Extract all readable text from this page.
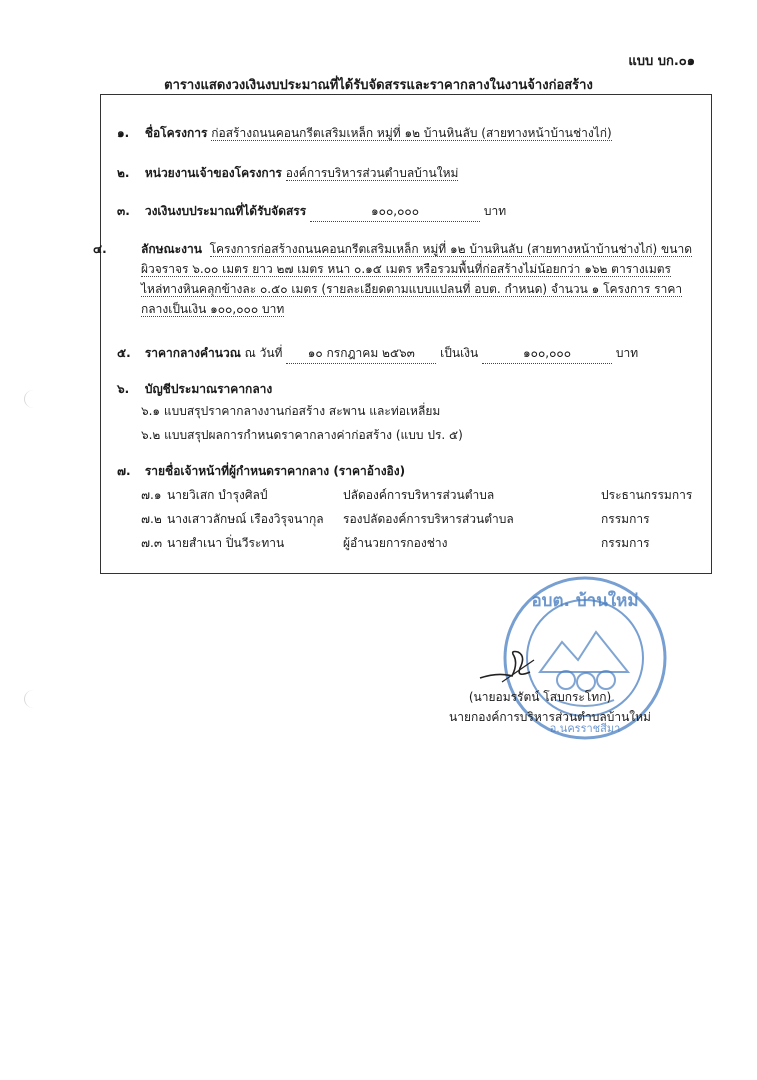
แบบ บก.๐๑
ตารางแสดงวงเงินงบประมาณที่ได้รับจัดสรรและราคากลางในงานจ้างก่อสร้าง
๑. ชื่อโครงการ ก่อสร้างถนนคอนกรีตเสริมเหล็ก หมู่ที่ ๑๒ บ้านหินลับ (สายทางหน้าบ้านช่างไก่)
๒. หน่วยงานเจ้าของโครงการ องค์การบริหารส่วนตำบลบ้านใหม่
๓. วงเงินงบประมาณที่ได้รับจัดสรร	๑๐๐,๐๐๐	บาท
๔.	ลักษณะงาน โครงการก่อสร้างถนนคอนกรีตเสริมเหล็ก หมู่ที่ ๑๒ บ้านหินลับ (สายทางหน้าบ้านช่างไก่) ขนาดผิวจราจร ๖.๐๐ เมตร ยาว ๒๗ เมตร หนา ๐.๑๕ เมตร หรือรวมพื้นที่ก่อสร้างไม่น้อยกว่า ๑๖๒ ตารางเมตร ไหล่ทางหินคลุกข้างละ ๐.๕๐ เมตร (รายละเอียดตามแบบแปลนที่ อบต. กำหนด) จำนวน ๑ โครงการ ราคากลางเป็นเงิน ๑๐๐,๐๐๐ บาท
๕. ราคากลางคำนวณ ณ วันที่ ๑๐ กรกฎาคม ๒๕๖๓ เป็นเงิน	๑๐๐,๐๐๐	บาท
๖. บัญชีประมาณราคากลาง
๖.๑ แบบสรุปราคากลางงานก่อสร้าง สะพาน และท่อเหลี่ยม
๖.๒ แบบสรุปผลการกำหนดราคากลางค่าก่อสร้าง (แบบ ปร. ๕)
๗. รายชื่อเจ้าหน้าที่ผู้กำหนดราคากลาง (ราคาอ้างอิง)
๗.๑ นายวิเสก บำรุงศิลป์	ปลัดองค์การบริหารส่วนตำบล	ประธานกรรมการ
๗.๒ นางเสาวลักษณ์ เรืองวิรุจนากุล	รองปลัดองค์การบริหารส่วนตำบล	กรรมการ
๗.๓ นายสำเนา ปิ่นวีระทาน	ผู้อำนวยการกองช่าง	กรรมการ
อบต. บ้านใหม่
อ.นครราชสีมา
(นายอมรรัตน์ โสบกระโทก)
นายกองค์การบริหารส่วนตำบลบ้านใหม่
